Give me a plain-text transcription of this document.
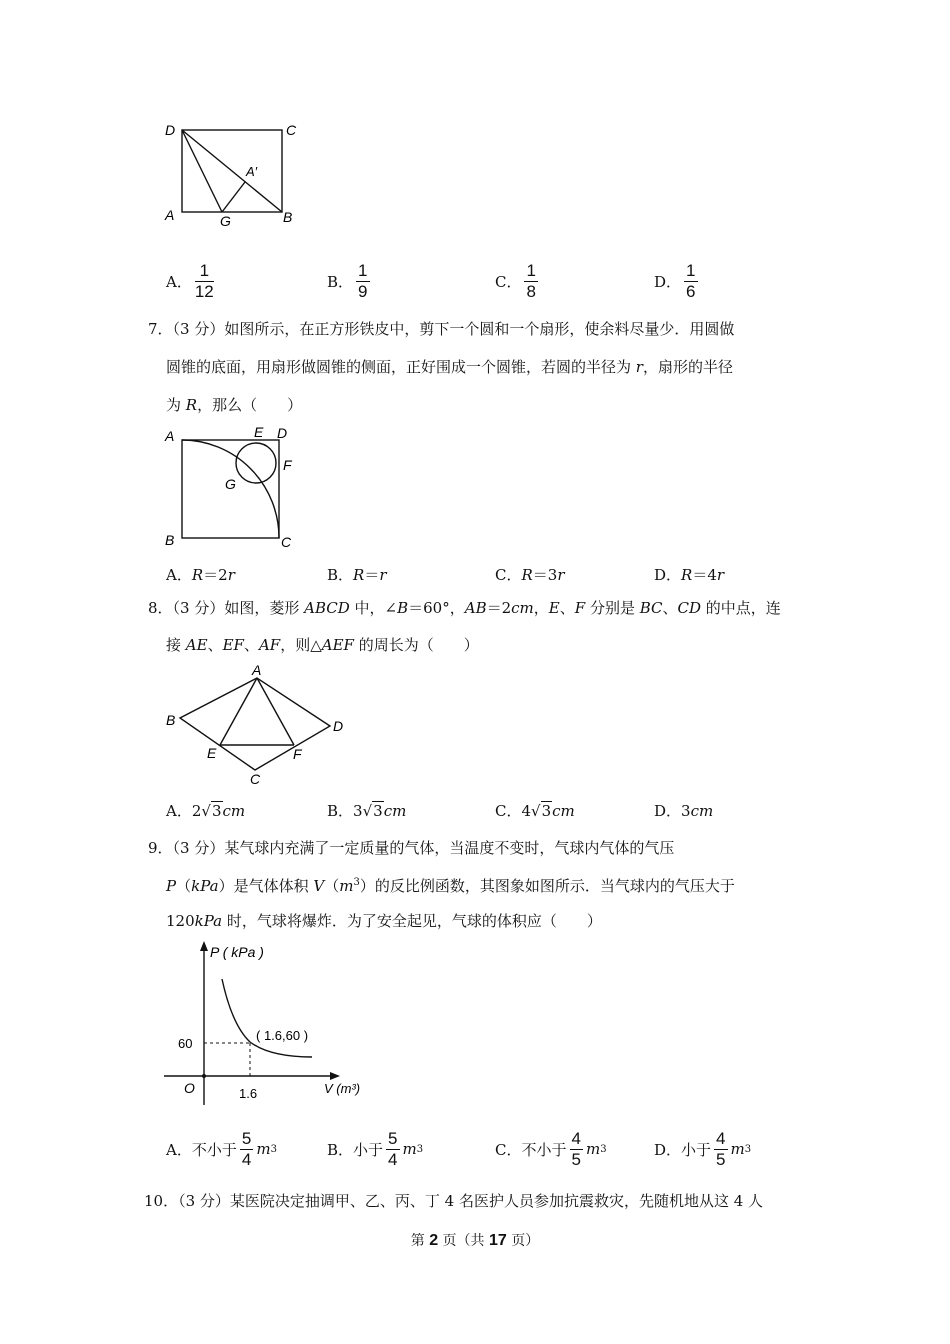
D	C
A	B
G
A′
A． $\frac{1}{12}$	B． $\frac{1}{9}$	C． $\frac{1}{8}$	D． $\frac{1}{6}$
7．（3 分）如图所示，在正方形铁皮中，剪下一个圆和一个扇形，使余料尽量少．用圆做
圆锥的底面，用扇形做圆锥的侧面，正好围成一个圆锥，若圆的半径为 r，扇形的半径
为 R，那么（　　）
A	E D
F
G
B	C
A． R ＝2 r	B． R ＝ r	C． R ＝3 r	D． R ＝4 r
8．（3 分）如图，菱形 ABCD 中，∠B＝60°，AB＝2cm，E、F 分别是 BC、CD 的中点，连
接 AE、EF、AF，则△AEF 的周长为（　　）
A
B	D
E	F
C
A． 2 √ 3 cm	B． 3 √ 3 cm	C． 4 √ 3 cm	D． 3 cm
9．（3 分）某气球内充满了一定质量的气体，当温度不变时，气球内气体的气压
P（kPa）是气体体积 $V(m^3)$的反比例函数，其图象如图所示．当气球内的气压大于
120kPa 时，气球将爆炸．为了安全起见，气球的体积应（　　）
P ( kPa )
V (m³)
O
60
1.6
( 1.6,60 )
A． 不小于 $\frac{5}{4}$ m 3	B． 小于 $\frac{5}{4}$ m 3	C． 不小于 $\frac{4}{5}$ m 3	D． 小于 $\frac{4}{5}$ m 3
10．（3 分）某医院决定抽调甲、乙、丙、丁 4 名医护人员参加抗震救灾，先随机地从这 4 人
第 2 页（共 17 页）
